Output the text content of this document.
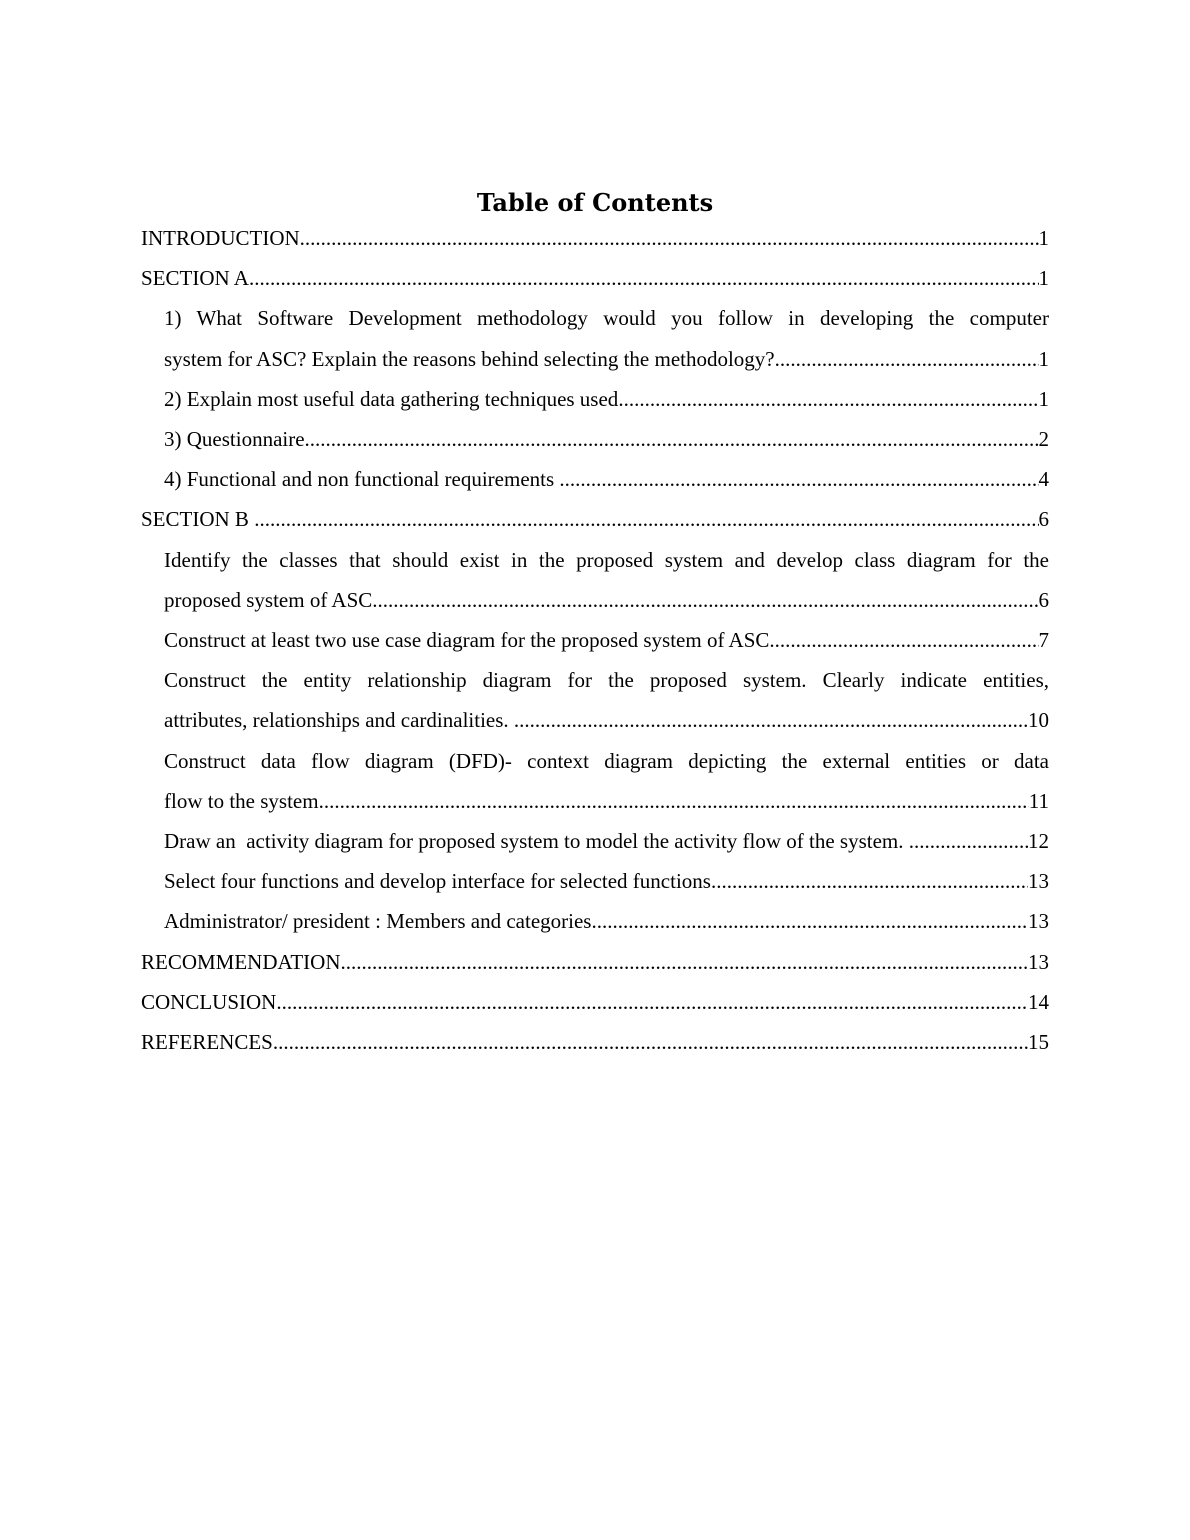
Table of Contents
INTRODUCTION .....	1
SECTION A .....	1
1) What Software Development methodology would you follow in developing the computer
system for ASC? Explain the reasons behind selecting the methodology? .....	1
2) Explain most useful data gathering techniques used .....	1
3) Questionnaire .....	2
4) Functional and non functional requirements .....	4
SECTION B .....	6
Identify the classes that should exist in the proposed system and develop class diagram for the
proposed system of ASC .....	6
Construct at least two use case diagram for the proposed system of ASC .....	7
Construct the entity relationship diagram for the proposed system. Clearly indicate entities,
attributes, relationships and cardinalities. .....	10
Construct data flow diagram (DFD)- context diagram depicting the external entities or data
flow to the system .....	11
Draw an  activity diagram for proposed system to model the activity flow of the system. .....	12
Select four functions and develop interface for selected functions .....	13
Administrator/ president : Members and categories .....	13
RECOMMENDATION .....	13
CONCLUSION .....	14
REFERENCES .....	15
